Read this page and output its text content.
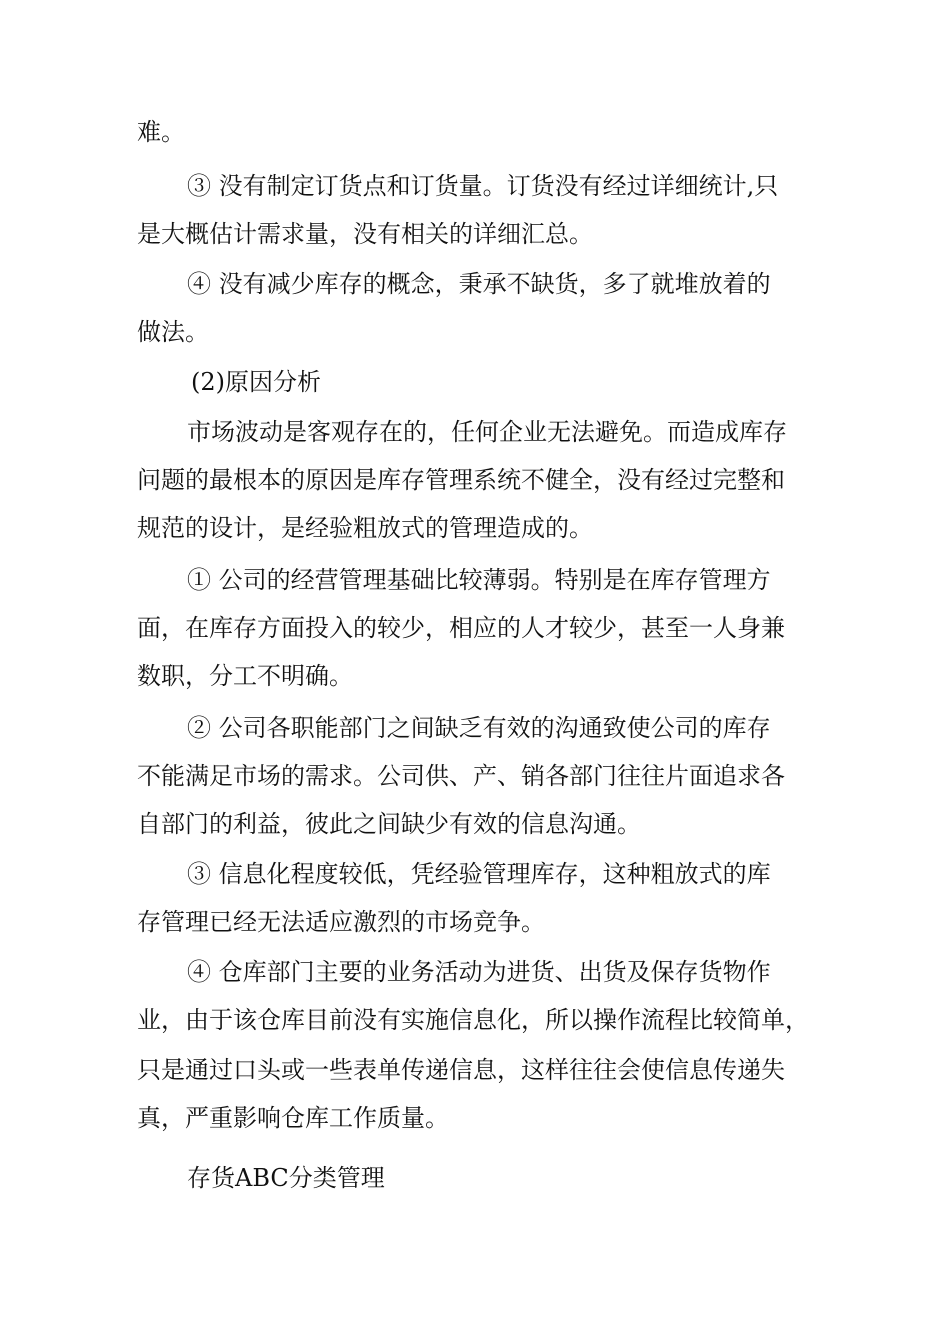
难。
③ 没有制定订货点和订货量。订货没有经过详细统计,只
是大概估计需求量，没有相关的详细汇总。
④ 没有减少库存的概念，秉承不缺货，多了就堆放着的
做法。
(2)原因分析
市场波动是客观存在的，任何企业无法避免。而造成库存
问题的最根本的原因是库存管理系统不健全，没有经过完整和
规范的设计，是经验粗放式的管理造成的。
① 公司的经营管理基础比较薄弱。特别是在库存管理方
面，在库存方面投入的较少，相应的人才较少，甚至一人身兼
数职，分工不明确。
② 公司各职能部门之间缺乏有效的沟通致使公司的库存
不能满足市场的需求。公司供、产、销各部门往往片面追求各
自部门的利益，彼此之间缺少有效的信息沟通。
③ 信息化程度较低，凭经验管理库存，这种粗放式的库
存管理已经无法适应激烈的市场竞争。
④ 仓库部门主要的业务活动为进货、出货及保存货物作
业，由于该仓库目前没有实施信息化，所以操作流程比较简单，
只是通过口头或一些表单传递信息，这样往往会使信息传递失
真，严重影响仓库工作质量。
存货ABC分类管理
